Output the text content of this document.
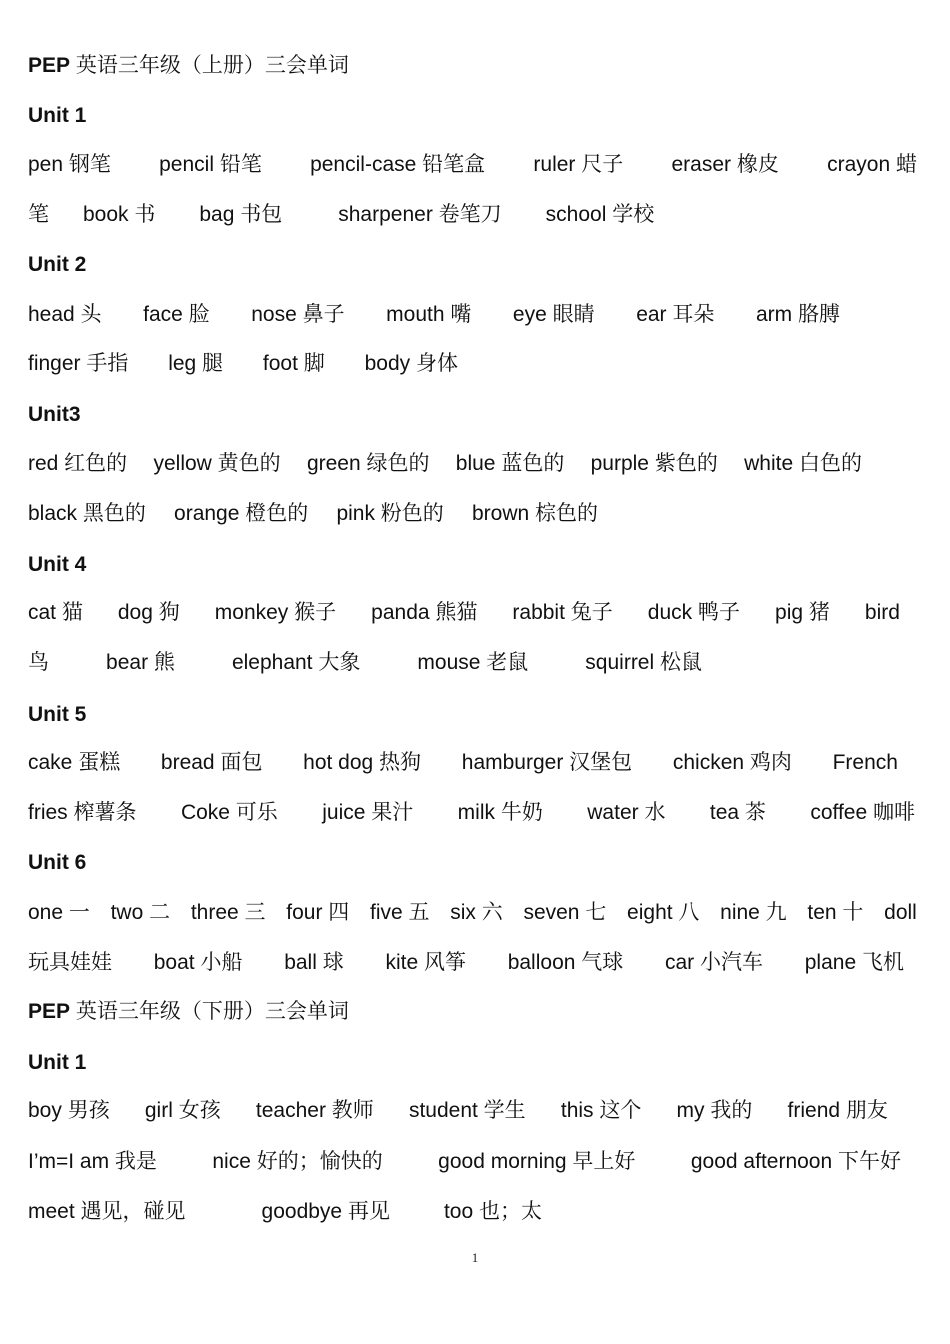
PEP 英语三年级（上册）三会单词
Unit 1
pen 钢笔 pencil 铅笔 pencil-case 铅笔盒 ruler 尺子 eraser 橡皮 crayon 蜡
笔 book 书 bag 书包	sharpener 卷笔刀 school 学校
Unit 2
head 头 face 脸 nose 鼻子 mouth 嘴 eye 眼睛 ear 耳朵 arm 胳膊
finger 手指 leg 腿 foot 脚 body 身体
Unit3
red 红色的 yellow 黄色的 green 绿色的 blue 蓝色的 purple 紫色的 white 白色的
black 黑色的 orange 橙色的 pink 粉色的 brown 棕色的
Unit 4
cat 猫 dog 狗 monkey 猴子 panda 熊猫 rabbit 兔子 duck 鸭子 pig 猪 bird
鸟	bear 熊	elephant 大象	mouse 老鼠	squirrel 松鼠
Unit 5
cake 蛋糕 bread 面包 hot dog 热狗 hamburger 汉堡包 chicken 鸡肉 French
fries 榨薯条 Coke 可乐 juice 果汁 milk 牛奶 water 水 tea 茶 coffee 咖啡
Unit 6
one 一 two 二 three 三 four 四 five 五 six 六 seven 七 eight 八 nine 九 ten 十 doll
玩具娃娃 boat 小船 ball 球 kite 风筝 balloon 气球 car 小汽车 plane 飞机
PEP 英语三年级（下册）三会单词
Unit 1
boy 男孩 girl 女孩 teacher 教师 student 学生 this 这个 my 我的 friend 朋友
I’m=I am 我是	nice 好的；愉快的	good morning 早上好	good afternoon 下午好
meet 遇见，碰见	goodbye 再见	too 也；太
1
